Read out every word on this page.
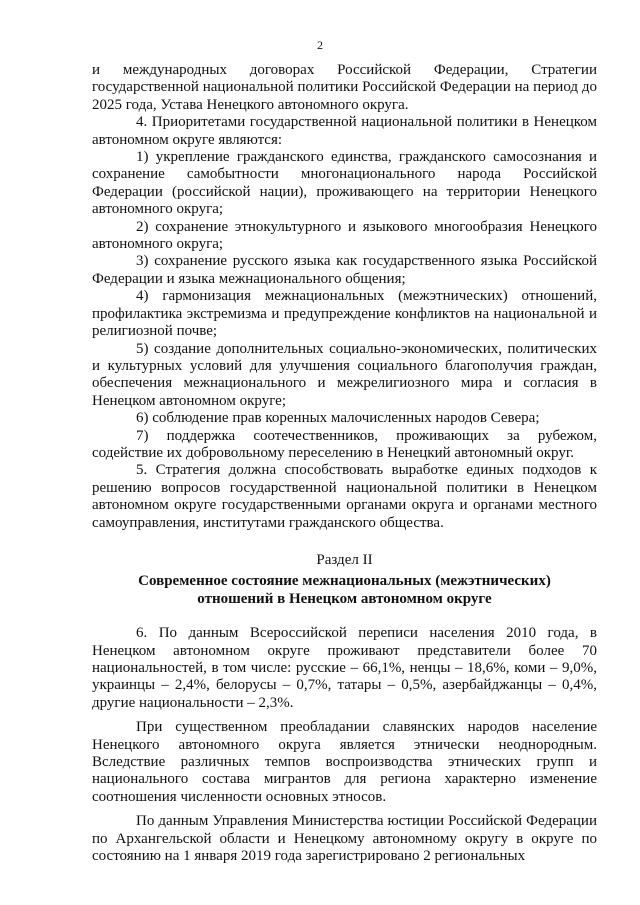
2

и международных договорах Российской Федерации, Стратегии государственной национальной политики Российской Федерации на период до 2025 года, Устава Ненецкого автономного округа.

4. Приоритетами государственной национальной политики в Ненецком автономном округе являются:

1) укрепление гражданского единства, гражданского самосознания и сохранение самобытности многонационального народа Российской Федерации (российской нации), проживающего на территории Ненецкого автономного округа;

2) сохранение этнокультурного и языкового многообразия Ненецкого автономного округа;

3) сохранение русского языка как государственного языка Российской Федерации и языка межнационального общения;

4) гармонизация межнациональных (межэтнических) отношений, профилактика экстремизма и предупреждение конфликтов на национальной и религиозной почве;

5) создание дополнительных социально-экономических, политических и культурных условий для улучшения социального благополучия граждан, обеспечения межнационального и межрелигиозного мира и согласия в Ненецком автономном округе;

6) соблюдение прав коренных малочисленных народов Севера;

7) поддержка соотечественников, проживающих за рубежом, содействие их добровольному переселению в Ненецкий автономный округ.

5. Стратегия должна способствовать выработке единых подходов к решению вопросов государственной национальной политики в Ненецком автономном округе государственными органами округа и органами местного самоуправления, институтами гражданского общества.

Раздел II

Современное состояние межнациональных (межэтнических)

отношений в Ненецком автономном округе

6. По данным Всероссийской переписи населения 2010 года, в Ненецком автономном округе проживают представители более 70 национальностей, в том числе: русские – 66,1%, ненцы – 18,6%, коми – 9,0%, украинцы – 2,4%, белорусы – 0,7%, татары – 0,5%, азербайджанцы – 0,4%, другие национальности – 2,3%.

При существенном преобладании славянских народов население Ненецкого автономного округа является этнически неоднородным. Вследствие различных темпов воспроизводства этнических групп и национального состава мигрантов для региона характерно изменение соотношения численности основных этносов.

По данным Управления Министерства юстиции Российской Федерации по Архангельской области и Ненецкому автономному округу в округе по состоянию на 1 января 2019 года зарегистрировано 2 региональных
